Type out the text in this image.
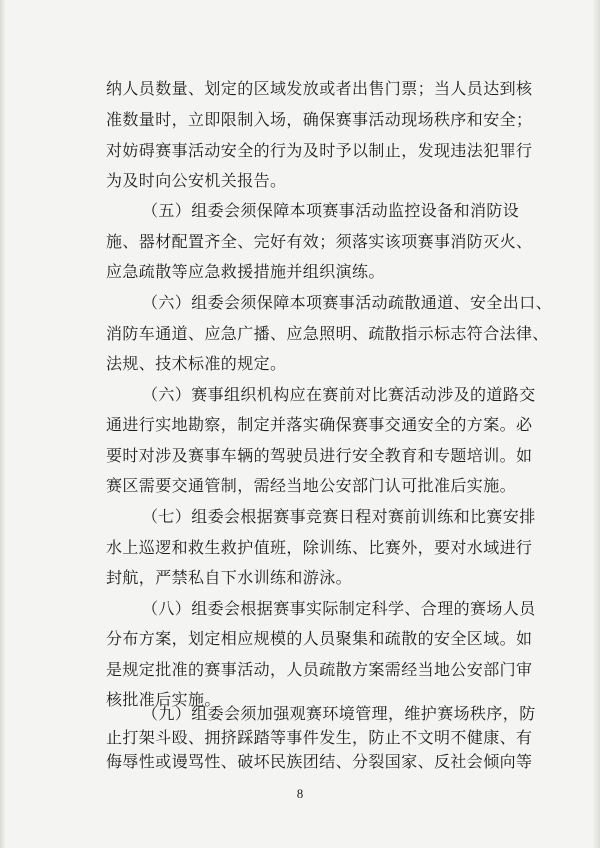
纳人员数量、划定的区域发放或者出售门票；当人员达到核
准数量时，立即限制入场，确保赛事活动现场秩序和安全；
对妨碍赛事活动安全的行为及时予以制止，发现违法犯罪行
为及时向公安机关报告。
（五）组委会须保障本项赛事活动监控设备和消防设
施、器材配置齐全、完好有效；须落实该项赛事消防灭火、
应急疏散等应急救援措施并组织演练。
（六）组委会须保障本项赛事活动疏散通道、安全出口、
消防车通道、应急广播、应急照明、疏散指示标志符合法律、
法规、技术标准的规定。
（六）赛事组织机构应在赛前对比赛活动涉及的道路交
通进行实地勘察，制定并落实确保赛事交通安全的方案。必
要时对涉及赛事车辆的驾驶员进行安全教育和专题培训。如
赛区需要交通管制，需经当地公安部门认可批准后实施。
（七）组委会根据赛事竞赛日程对赛前训练和比赛安排
水上巡逻和救生救护值班，除训练、比赛外，要对水域进行
封航，严禁私自下水训练和游泳。
（八）组委会根据赛事实际制定科学、合理的赛场人员
分布方案，划定相应规模的人员聚集和疏散的安全区域。如
是规定批准的赛事活动，人员疏散方案需经当地公安部门审
核批准后实施。
（九）组委会须加强观赛环境管理，维护赛场秩序，防
止打架斗殴、拥挤踩踏等事件发生，防止不文明不健康、有
8
侮辱性或谩骂性、破坏民族团结、分裂国家、反社会倾向等
